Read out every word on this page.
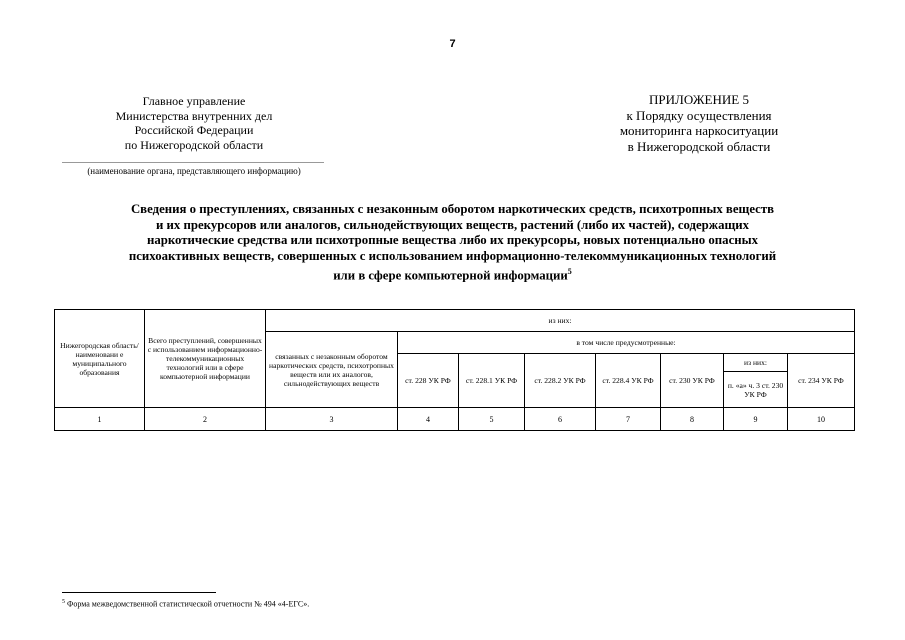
7
Главное управление
Министерства внутренних дел
Российской Федерации
по Нижегородской области
(наименование органа, представляющего информацию)
ПРИЛОЖЕНИЕ 5
к Порядку осуществления
мониторинга наркоситуации
в Нижегородской области
Сведения о преступлениях, связанных с незаконным оборотом наркотических средств, психотропных веществ
и их прекурсоров или аналогов, сильнодействующих веществ, растений (либо их частей), содержащих
наркотические средства или психотропные вещества либо их прекурсоры, новых потенциально опасных
психоактивных веществ, совершенных с использованием информационно-телекоммуникационных технологий
или в сфере компьютерной информации$^5$
Нижегородская область/наименовани е муниципального образования	Всего преступлений, совершенных с использованием информационно-телекоммуникационных технологий или в сфере компьютерной информации	из них:							
		связанных с незаконным оборотом наркотических средств, психотропных веществ или их аналогов, сильнодействующих веществ	в том числе предусмотренные:						
			ст. 228 УК РФ	ст. 228.1 УК РФ	ст. 228.2 УК РФ	ст. 228.4 УК РФ	ст. 230 УК РФ	из них:	ст. 234 УК РФ
								п. «а» ч. 3 ст. 230 УК РФ	
1	2	3	4	5	6	7	8	9	10
$^5$ Форма межведомственной статистической отчетности № 494 «4-ЕГС».
